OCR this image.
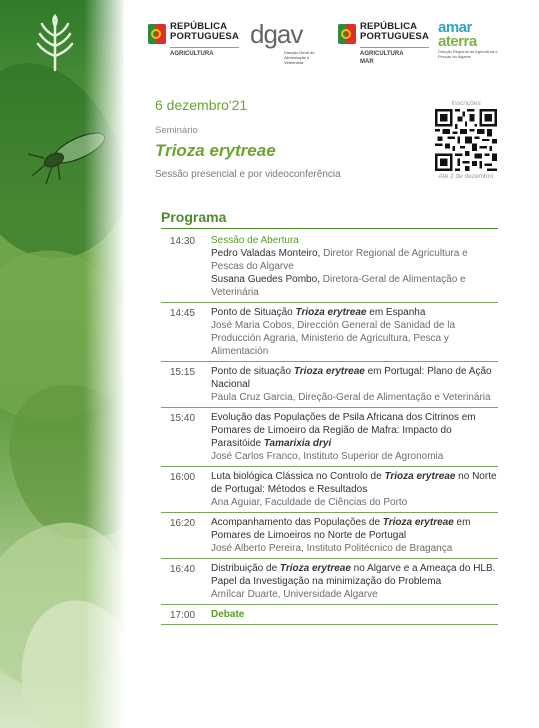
REPÚBLICA
PORTUGUESA
AGRICULTURA
dgav
Direção-Geral de Alimentação e Veterinária
REPÚBLICA
PORTUGUESA
AGRICULTURA
MAR
amar
aterra
Direção Regional de Agricultura e Pescas do Algarve
6 dezembro'21
Seminário
Trioza erytreae
Sessão presencial e por videoconferência
Inscrições
Até 2 de dezembro
Programa
14:30	Sessão de Abertura
Pedro Valadas Monteiro, Diretor Regional de Agricultura e Pescas do Algarve
Susana Guedes Pombo, Diretora-Geral de Alimentação e Veterinária
14:45	Ponto de Situação Trioza erytreae em Espanha
José Maria Cobos, Dirección General de Sanidad de la Producción Agraria, Ministerio de Agricultura, Pesca y Alimentación
15:15	Ponto de situação Trioza erytreae em Portugal: Plano de Ação Nacional
Paula Cruz Garcia, Direção-Geral de Alimentação e Veterinária
15:40	Evolução das Populações de Psila Africana dos Citrinos em Pomares de Limoeiro da Região de Mafra: Impacto do Parasitóide Tamarixia dryi
José Carlos Franco, Instituto Superior de Agronomia
16:00	Luta biológica Clássica no Controlo de Trioza erytreae no Norte de Portugal: Métodos e Resultados
Ana Aguiar, Faculdade de Ciências do Porto
16:20	Acompanhamento das Populações de Trioza erytreae em Pomares de Limoeiros no Norte de Portugal
José Alberto Pereira, Instituto Politécnico de Bragança
16:40	Distribuição de Trioza erytreae no Algarve e a Ameaça do HLB. Papel da Investigação na minimização do Problema
Amílcar Duarte, Universidade Algarve
17:00	Debate
